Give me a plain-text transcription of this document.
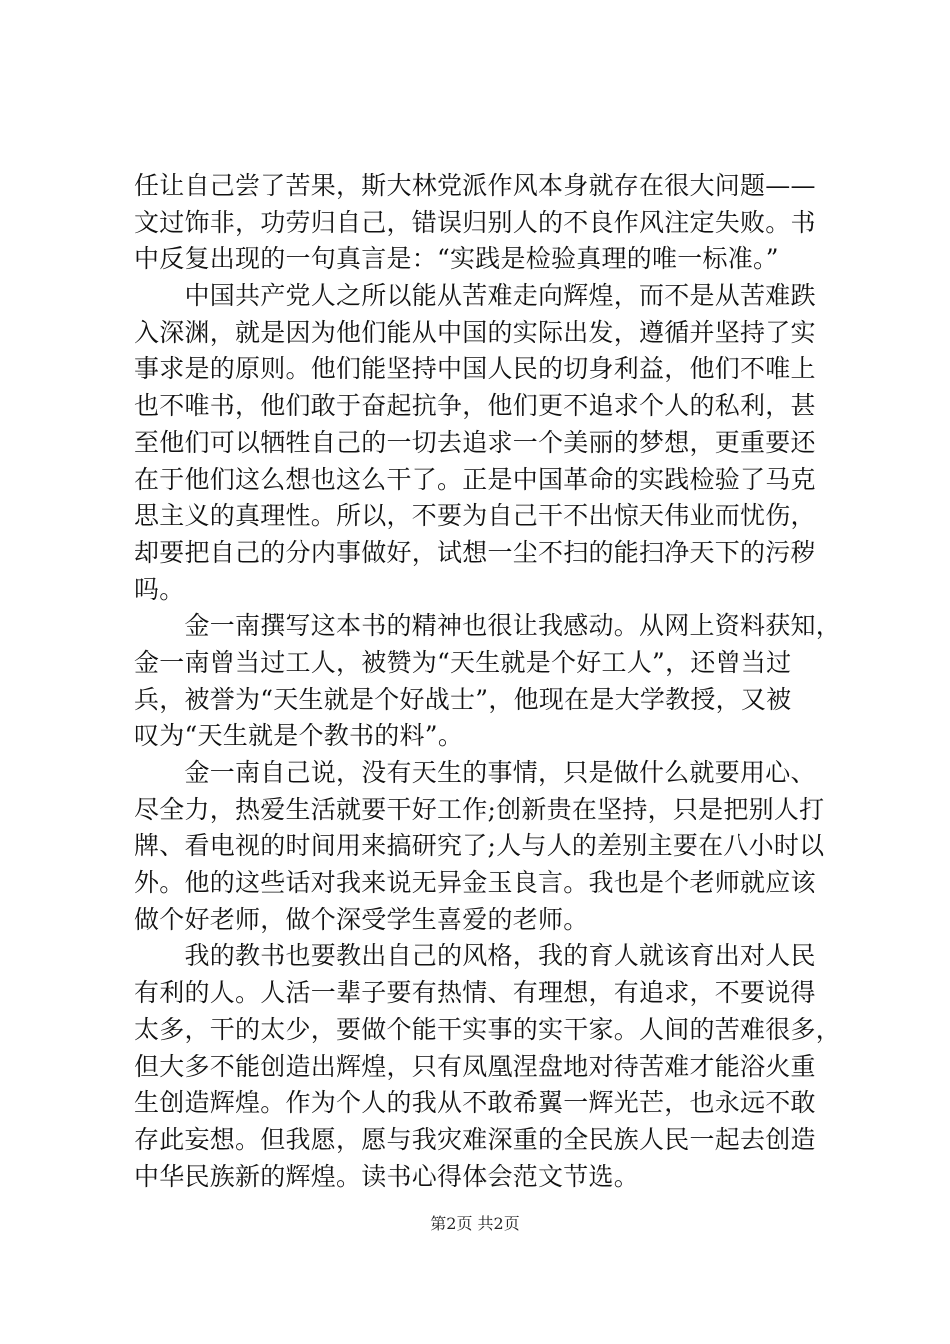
任让自己尝了苦果，斯大林党派作风本身就存在很大问题——
文过饰非，功劳归自己，错误归别人的不良作风注定失败。书
中反复出现的一句真言是：“实践是检验真理的唯一标准。”
　　中国共产党人之所以能从苦难走向辉煌，而不是从苦难跌
入深渊，就是因为他们能从中国的实际出发，遵循并坚持了实
事求是的原则。他们能坚持中国人民的切身利益，他们不唯上
也不唯书，他们敢于奋起抗争，他们更不追求个人的私利，甚
至他们可以牺牲自己的一切去追求一个美丽的梦想，更重要还
在于他们这么想也这么干了。正是中国革命的实践检验了马克
思主义的真理性。所以，不要为自己干不出惊天伟业而忧伤，
却要把自己的分内事做好，试想一尘不扫的能扫净天下的污秽
吗。
　　金一南撰写这本书的精神也很让我感动。从网上资料获知，
金一南曾当过工人，被赞为“天生就是个好工人”，还曾当过
兵，被誉为“天生就是个好战士”，他现在是大学教授，又被
叹为“天生就是个教书的料”。
　　金一南自己说，没有天生的事情，只是做什么就要用心、
尽全力，热爱生活就要干好工作;创新贵在坚持，只是把别人打
牌、看电视的时间用来搞研究了;人与人的差别主要在八小时以
外。他的这些话对我来说无异金玉良言。我也是个老师就应该
做个好老师，做个深受学生喜爱的老师。
　　我的教书也要教出自己的风格，我的育人就该育出对人民
有利的人。人活一辈子要有热情、有理想，有追求，不要说得
太多，干的太少，要做个能干实事的实干家。人间的苦难很多，
但大多不能创造出辉煌，只有凤凰涅盘地对待苦难才能浴火重
生创造辉煌。作为个人的我从不敢希翼一辉光芒，也永远不敢
存此妄想。但我愿，愿与我灾难深重的全民族人民一起去创造
中华民族新的辉煌。读书心得体会范文节选。
第2页 共2页
